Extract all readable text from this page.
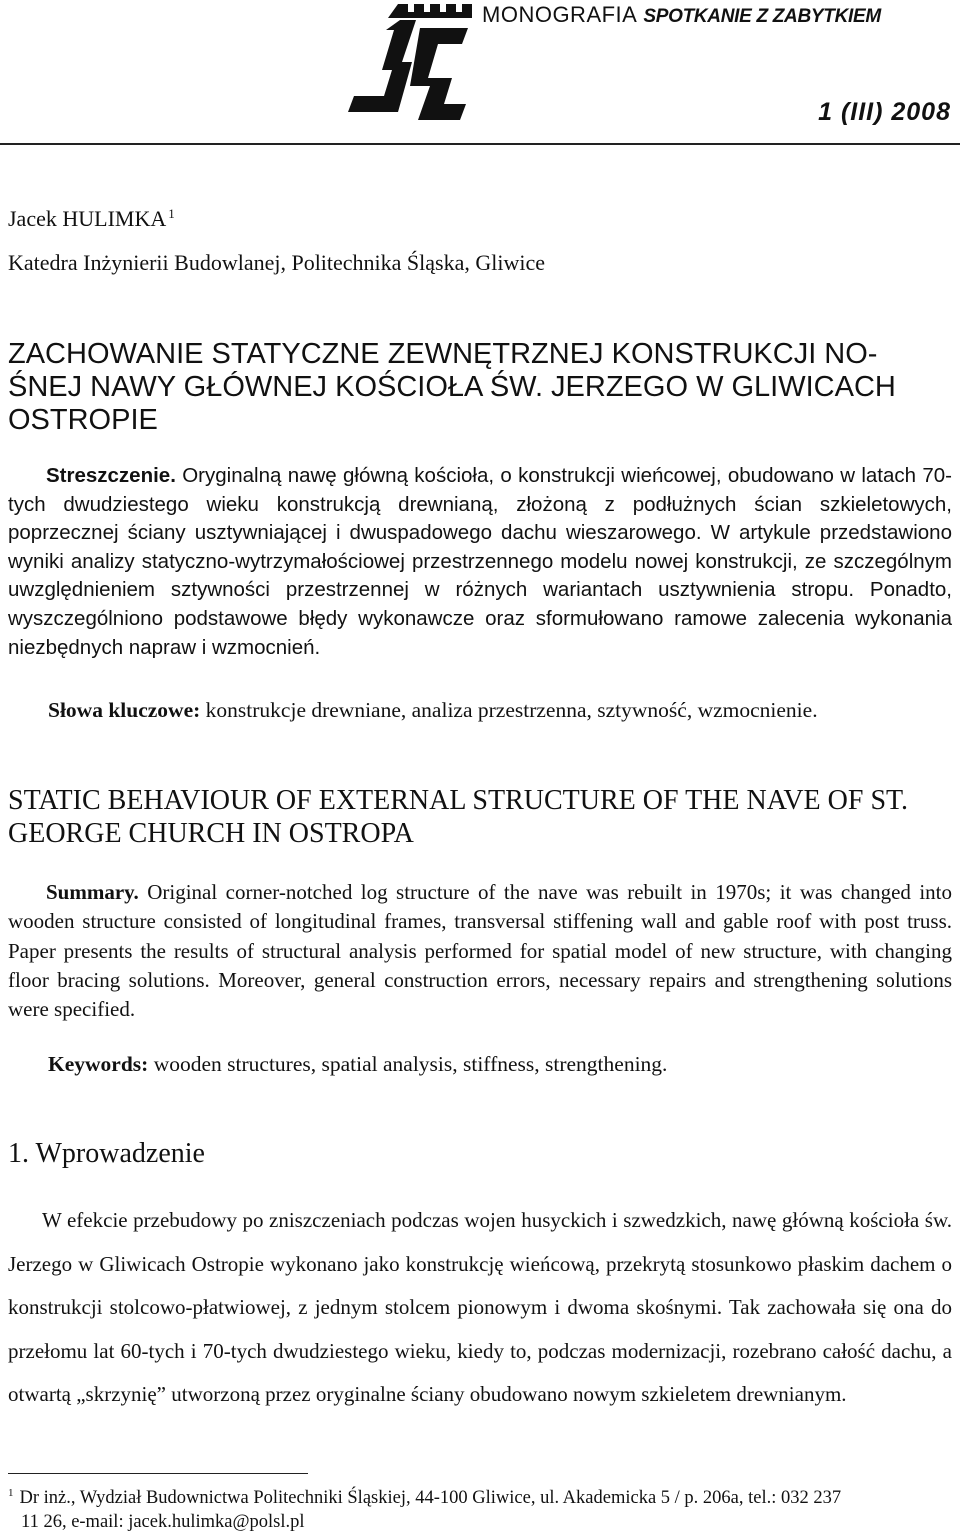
MONOGRAFIA SPOTKANIE Z ZABYTKIEM
1 (III) 2008
Jacek HULIMKA $^1$
Katedra Inżynierii Budowlanej, Politechnika Śląska, Gliwice
ZACHOWANIE STATYCZNE ZEWNĘTRZNEJ KONSTRUKCJI NO-ŚNEJ NAWY GŁÓWNEJ KOŚCIOŁA ŚW. JERZEGO W GLIWICACH OSTROPIE
Streszczenie. Oryginalną nawę główną kościoła, o konstrukcji wieńcowej, obudowano w latach 70-tych dwudziestego wieku konstrukcją drewnianą, złożoną z podłużnych ścian szkieletowych, poprzecznej ściany usztywniającej i dwuspadowego dachu wieszarowego. W artykule przedstawiono wyniki analizy statyczno-wytrzymałościowej przestrzennego modelu nowej konstrukcji, ze szczególnym uwzględnieniem sztywności przestrzennej w różnych wariantach usztywnienia stropu. Ponadto, wyszczególniono podstawowe błędy wykonawcze oraz sformułowano ramowe zalecenia wykonania niezbędnych napraw i wzmocnień.
Słowa kluczowe: konstrukcje drewniane, analiza przestrzenna, sztywność, wzmocnienie.
STATIC BEHAVIOUR OF EXTERNAL STRUCTURE OF THE NAVE OF ST. GEORGE CHURCH IN OSTROPA
Summary. Original corner-notched log structure of the nave was rebuilt in 1970s; it was changed into wooden structure consisted of longitudinal frames, transversal stiffening wall and gable roof with post truss. Paper presents the results of structural analysis performed for spatial model of new structure, with changing floor bracing solutions. Moreover, general construction errors, necessary repairs and strengthening solutions were specified.
Keywords: wooden structures, spatial analysis, stiffness, strengthening.
1. Wprowadzenie
W efekcie przebudowy po zniszczeniach podczas wojen husyckich i szwedzkich, nawę główną kościoła św. Jerzego w Gliwicach Ostropie wykonano jako konstrukcję wieńcową, przekrytą stosunkowo płaskim dachem o konstrukcji stolcowo-płatwiowej, z jednym stolcem pionowym i dwoma skośnymi. Tak zachowała się ona do przełomu lat 60-tych i 70-tych dwudziestego wieku, kiedy to, podczas modernizacji, rozebrano całość dachu, a otwartą „skrzynię” utworzoną przez oryginalne ściany obudowano nowym szkieletem drewnianym.
$^1$ Dr inż., Wydział Budownictwa Politechniki Śląskiej, 44-100 Gliwice, ul. Akademicka 5 / p. 206a, tel.: 032 237
11 26, e-mail: jacek.hulimka@polsl.pl
